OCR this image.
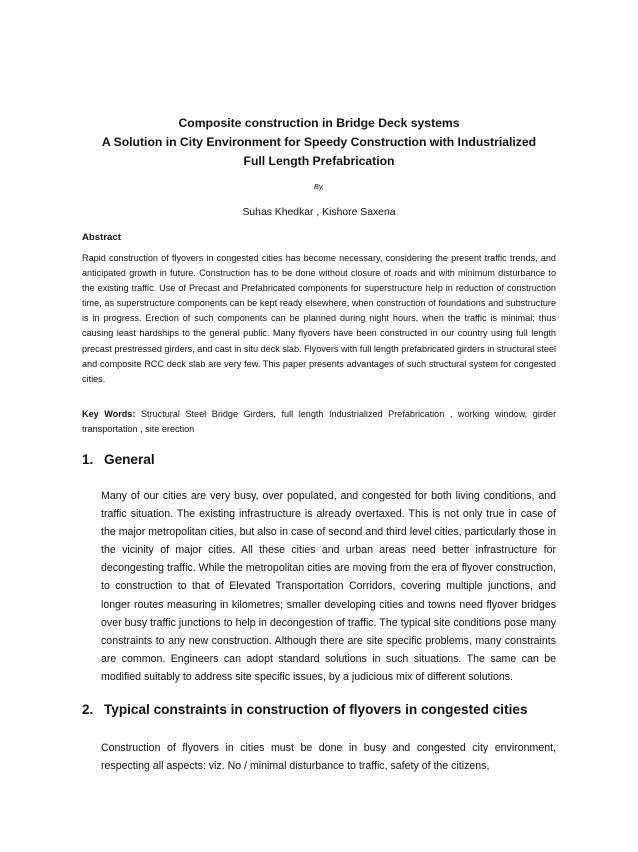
Composite construction in Bridge Deck systems
A Solution in City Environment for Speedy Construction with Industrialized
Full Length Prefabrication
By,
Suhas Khedkar , Kishore Saxena
Abstract
Rapid construction of flyovers in congested cities has become necessary, considering the present traffic trends, and anticipated growth in future. Construction has to be done without closure of roads and with minimum disturbance to the existing traffic. Use of Precast and Prefabricated components for superstructure help in reduction of construction time, as superstructure components can be kept ready elsewhere, when construction of foundations and substructure is in progress. Erection of such components can be planned during night hours, when the traffic is minimal; thus causing least hardships to the general public. Many flyovers have been constructed in our country using full length precast prestressed girders, and cast in situ deck slab. Flyovers with full length prefabricated girders in structural steel and composite RCC deck slab are very few. This paper presents advantages of such structural system for congested cities.
Key Words: Structural Steel Bridge Girders, full length Industrialized Prefabrication , working window, girder transportation , site erection
1. General
Many of our cities are very busy, over populated, and congested for both living conditions, and traffic situation. The existing infrastructure is already overtaxed. This is not only true in case of the major metropolitan cities, but also in case of second and third level cities, particularly those in the vicinity of major cities. All these cities and urban areas need better infrastructure for decongesting traffic. While the metropolitan cities are moving from the era of flyover construction, to construction to that of Elevated Transportation Corridors, covering multiple junctions, and longer routes measuring in kilometres; smaller developing cities and towns need flyover bridges over busy traffic junctions to help in decongestion of traffic. The typical site conditions pose many constraints to any new construction. Although there are site specific problems, many constraints are common. Engineers can adopt standard solutions in such situations. The same can be modified suitably to address site specific issues, by a judicious mix of different solutions.
2. Typical constraints in construction of flyovers in congested cities
Construction of flyovers in cities must be done in busy and congested city environment, respecting all aspects: viz. No / minimal disturbance to traffic, safety of the citizens,
